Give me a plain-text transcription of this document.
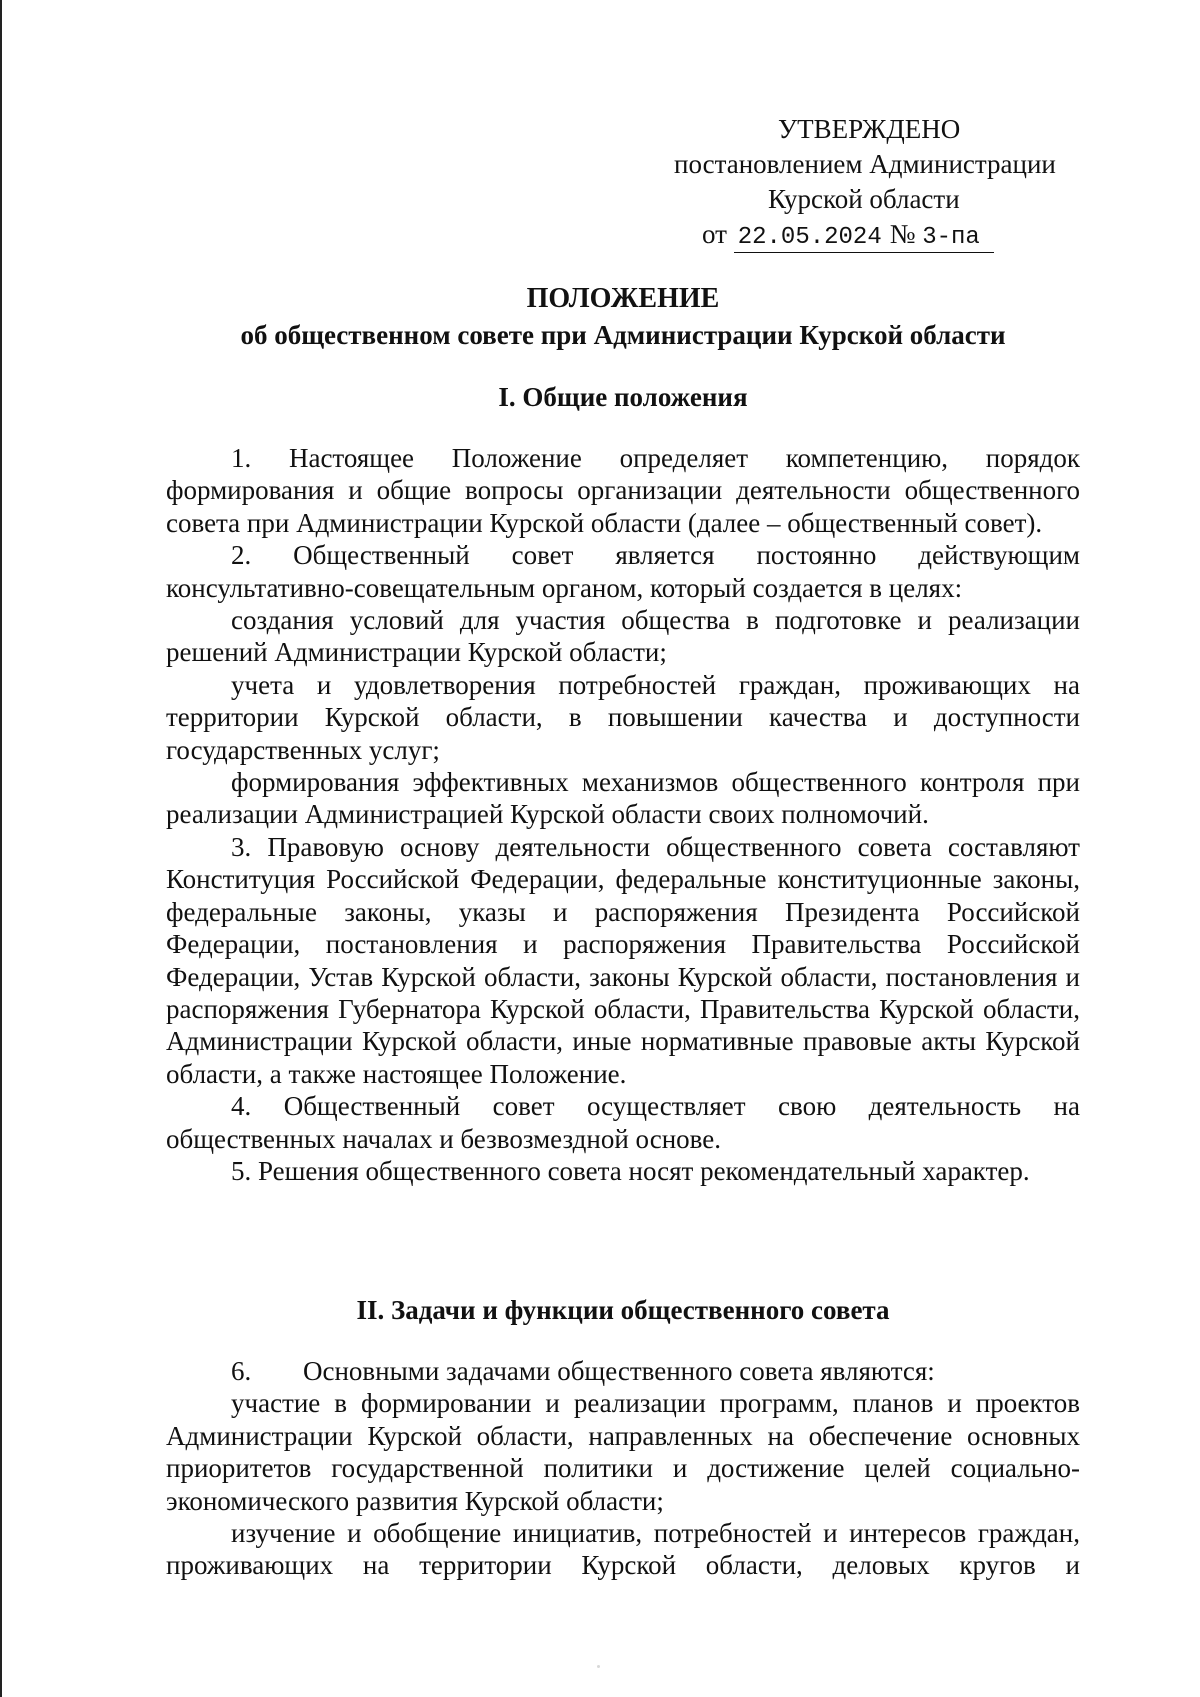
УТВЕРЖДЕНО
постановлением Администрации
Курской области
от 22.05.2024 № 3-па
ПОЛОЖЕНИЕ
об общественном совете при Администрации Курской области
I. Общие положения

1. Настоящее Положение определяет компетенцию, порядок формирования и общие вопросы организации деятельности общественного совета при Администрации Курской области (далее – общественный совет).

2. Общественный совет является постоянно действующим консультативно-совещательным органом, который создается в целях:

создания условий для участия общества в подготовке и реализации решений Администрации Курской области;

учета и удовлетворения потребностей граждан, проживающих на территории Курской области, в повышении качества и доступности государственных услуг;

формирования эффективных механизмов общественного контроля при реализации Администрацией Курской области своих полномочий.

3. Правовую основу деятельности общественного совета составляют Конституция Российской Федерации, федеральные конституционные законы, федеральные законы, указы и распоряжения Президента Российской Федерации, постановления и распоряжения Правительства Российской Федерации, Устав Курской области, законы Курской области, постановления и распоряжения Губернатора Курской области, Правительства Курской области, Администрации Курской области, иные нормативные правовые акты Курской области, а также настоящее Положение.

4. Общественный совет осуществляет свою деятельность на общественных началах и безвозмездной основе.

5. Решения общественного совета носят рекомендательный характер.

II. Задачи и функции общественного совета

6. Основными задачами общественного совета являются:

участие в формировании и реализации программ, планов и проектов Администрации Курской области, направленных на обеспечение основных приоритетов государственной политики и достижение целей социально-экономического развития Курской области;

изучение и обобщение инициатив, потребностей и интересов граждан, проживающих на территории Курской области, деловых кругов и
